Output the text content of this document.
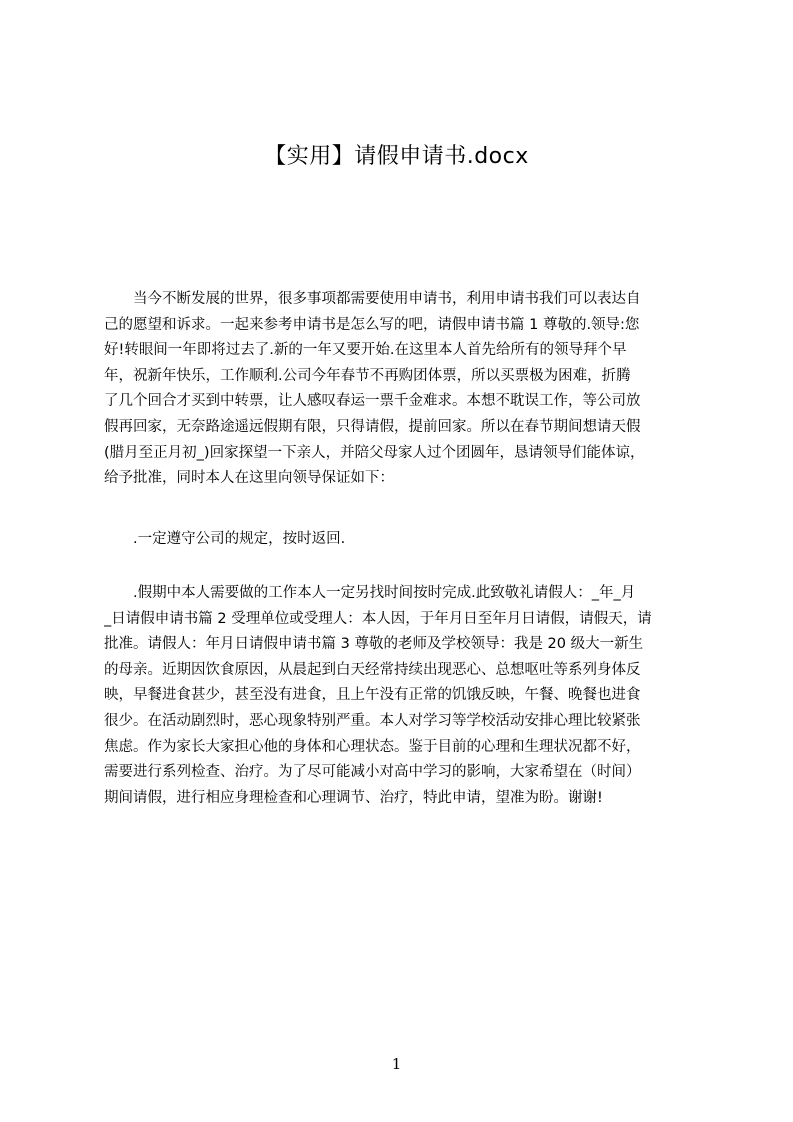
【实用】请假申请书.docx
　　当今不断发展的世界，很多事项都需要使用申请书，利用申请书我们可以表达自
己的愿望和诉求。一起来参考申请书是怎么写的吧，请假申请书篇 1 尊敬的.领导:您
好!转眼间一年即将过去了.新的一年又要开始.在这里本人首先给所有的领导拜个早
年，祝新年快乐，工作顺利.公司今年春节不再购团体票，所以买票极为困难，折腾
了几个回合才买到中转票，让人感叹春运一票千金难求。本想不耽误工作，等公司放
假再回家，无奈路途遥远假期有限，只得请假，提前回家。所以在春节期间想请天假
(腊月至正月初_)回家探望一下亲人，并陪父母家人过个团圆年，恳请领导们能体谅，
给予批准，同时本人在这里向领导保证如下：
　　.一定遵守公司的规定，按时返回.
　　.假期中本人需要做的工作本人一定另找时间按时完成.此致敬礼请假人：_年_月
_日请假申请书篇 2 受理单位或受理人：本人因，于年月日至年月日请假，请假天，请
批准。请假人：年月日请假申请书篇 3 尊敬的老师及学校领导：我是 20 级大一新生
的母亲。近期因饮食原因，从晨起到白天经常持续出现恶心、总想呕吐等系列身体反
映，早餐进食甚少，甚至没有进食，且上午没有正常的饥饿反映，午餐、晚餐也进食
很少。在活动剧烈时，恶心现象特别严重。本人对学习等学校活动安排心理比较紧张
焦虑。作为家长大家担心他的身体和心理状态。鉴于目前的心理和生理状况都不好，
需要进行系列检查、治疗。为了尽可能减小对高中学习的影响，大家希望在（时间）
期间请假，进行相应身理检查和心理调节、治疗，特此申请，望准为盼。谢谢!
1
